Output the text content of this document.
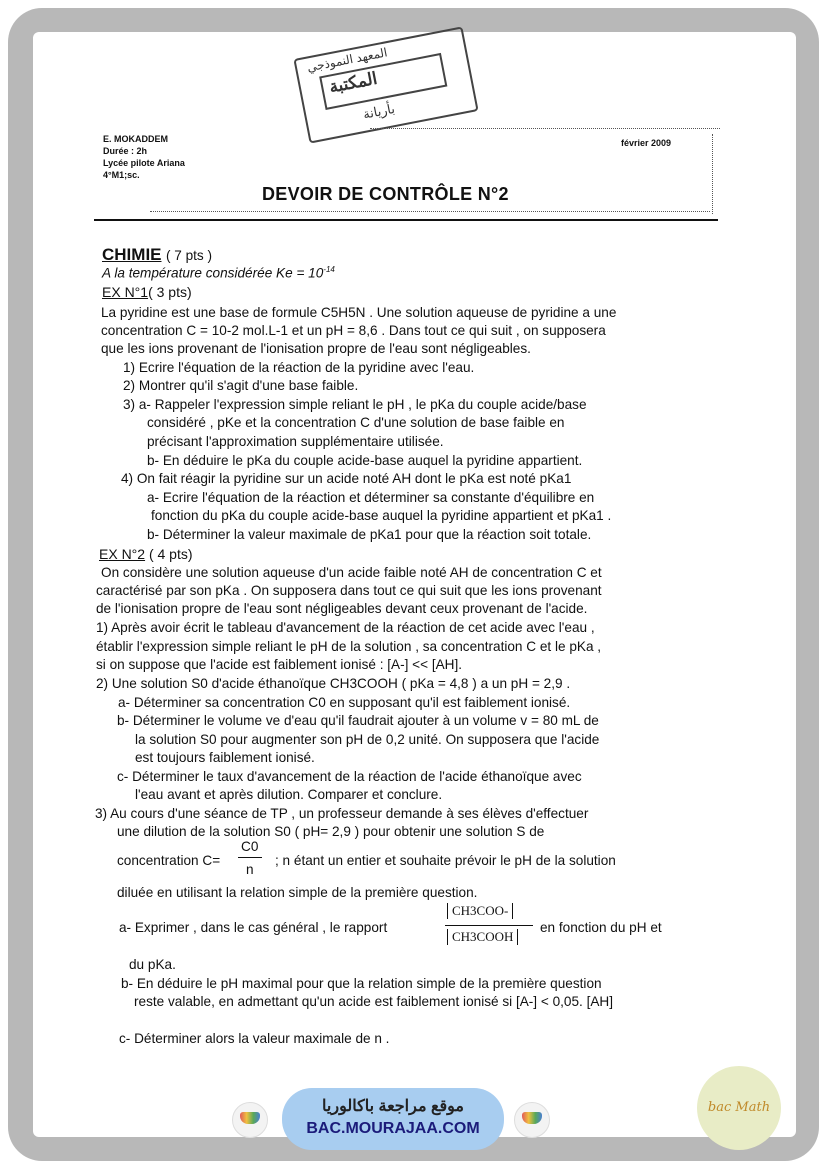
المعهد النموذجي
المكتبة
بأريانة
E. MOKADDEM
Durée : 2h
Lycée pilote Ariana
4°M1;sc.
février 2009
DEVOIR DE CONTRÔLE N°2
CHIMIE ( 7 pts )
A la température considérée $Ke = 10^{-14}$
EX N°1( 3 pts)
La pyridine est une base de formule C5H5N . Une solution aqueuse de pyridine a une
concentration C = 10-2 mol.L-1 et un pH = 8,6 . Dans tout ce qui suit , on supposera
que les ions provenant de l'ionisation propre de l'eau sont négligeables.
1) Ecrire l'équation de la réaction de la pyridine avec l'eau.
2) Montrer qu'il s'agit d'une base faible.
3) a- Rappeler l'expression simple reliant le pH , le pKa du couple acide/base
considéré , pKe et la concentration C d'une solution de base faible en
précisant l'approximation supplémentaire utilisée.
b- En déduire le pKa du couple acide-base auquel la pyridine appartient.
4) On fait réagir la pyridine sur un acide noté AH dont le pKa est noté pKa1
a- Ecrire l'équation de la réaction et déterminer sa constante d'équilibre en
fonction du pKa du couple acide-base auquel la pyridine appartient et pKa1 .
b- Déterminer la valeur maximale de pKa1 pour que la réaction soit totale.
EX N°2 ( 4 pts)
On considère une solution aqueuse d'un acide faible noté AH de concentration C et
caractérisé par son pKa . On supposera dans tout ce qui suit que les ions provenant
de l'ionisation propre de l'eau sont négligeables devant ceux provenant de l'acide.
1) Après avoir écrit le tableau d'avancement de la réaction de cet acide avec l'eau ,
établir l'expression simple reliant le pH de la solution , sa concentration C et le pKa ,
si on suppose que l'acide est faiblement ionisé : [A-] << [AH].
2) Une solution S0 d'acide éthanoïque CH3COOH ( pKa = 4,8 ) a un pH = 2,9 .
a- Déterminer sa concentration C0 en supposant qu'il est faiblement ionisé.
b- Déterminer le volume ve d'eau qu'il faudrait ajouter à un volume v = 80 mL de
la solution S0 pour augmenter son pH de 0,2 unité. On supposera que l'acide
est toujours faiblement ionisé.
c- Déterminer le taux d'avancement de la réaction de l'acide éthanoïque avec
l'eau avant et après dilution. Comparer et conclure.
3) Au cours d'une séance de TP , un professeur demande à ses élèves d'effectuer
une dilution de la solution S0 ( pH= 2,9 ) pour obtenir une solution S de
concentration C=
C0
n
; n étant un entier et souhaite prévoir le pH de la solution
diluée en utilisant la relation simple de la première question.
a- Exprimer , dans le cas général , le rapport
CH3COO-
CH3COOH
en fonction du pH et
du pKa.
b- En déduire le pH maximal pour que la relation simple de la première question
reste valable, en admettant qu'un acide est faiblement ionisé si [A-] < 0,05. [AH]
c- Déterminer alors la valeur maximale de n .
موقع مراجعة باكالوريا
BAC.MOURAJAA.COM
bac Math
